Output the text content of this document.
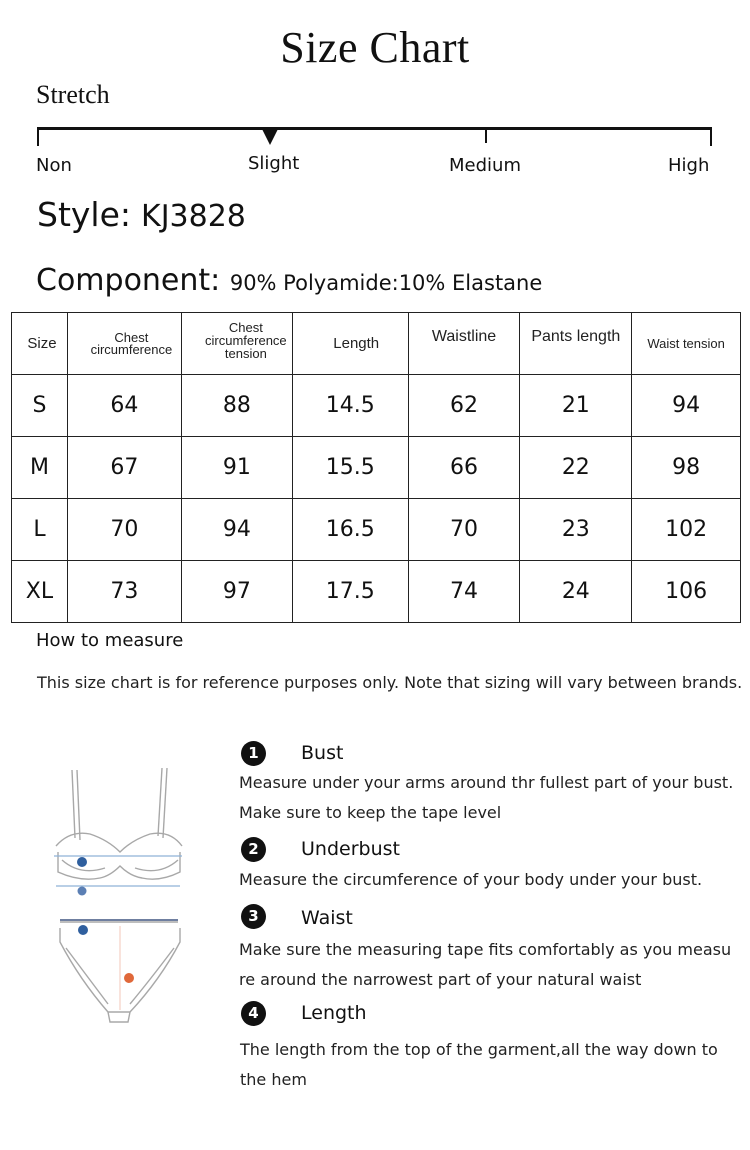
Size Chart
Stretch
Non	Slight	Medium	High
Style: KJ3828
Component: 90% Polyamide:10% Elastane
Size	Chest circumference	Chest circumference tension	Length	Waistline	Pants length	Waist tension
S	64	88	14.5	62	21	94
M	67	91	15.5	66	22	98
L	70	94	16.5	70	23	102
XL	73	97	17.5	74	24	106
How to measure
This size chart is for reference purposes only. Note that sizing will vary between brands.
1	Bust
Measure under your arms around thr fullest part of your bust.
Make sure to keep the tape level
2	Underbust
Measure the circumference of your body under your bust.
3	Waist
Make sure the measuring tape fits comfortably as you measu
re around the narrowest part of your natural waist
4	Length
The length from the top of the garment,all the way down to
the hem
